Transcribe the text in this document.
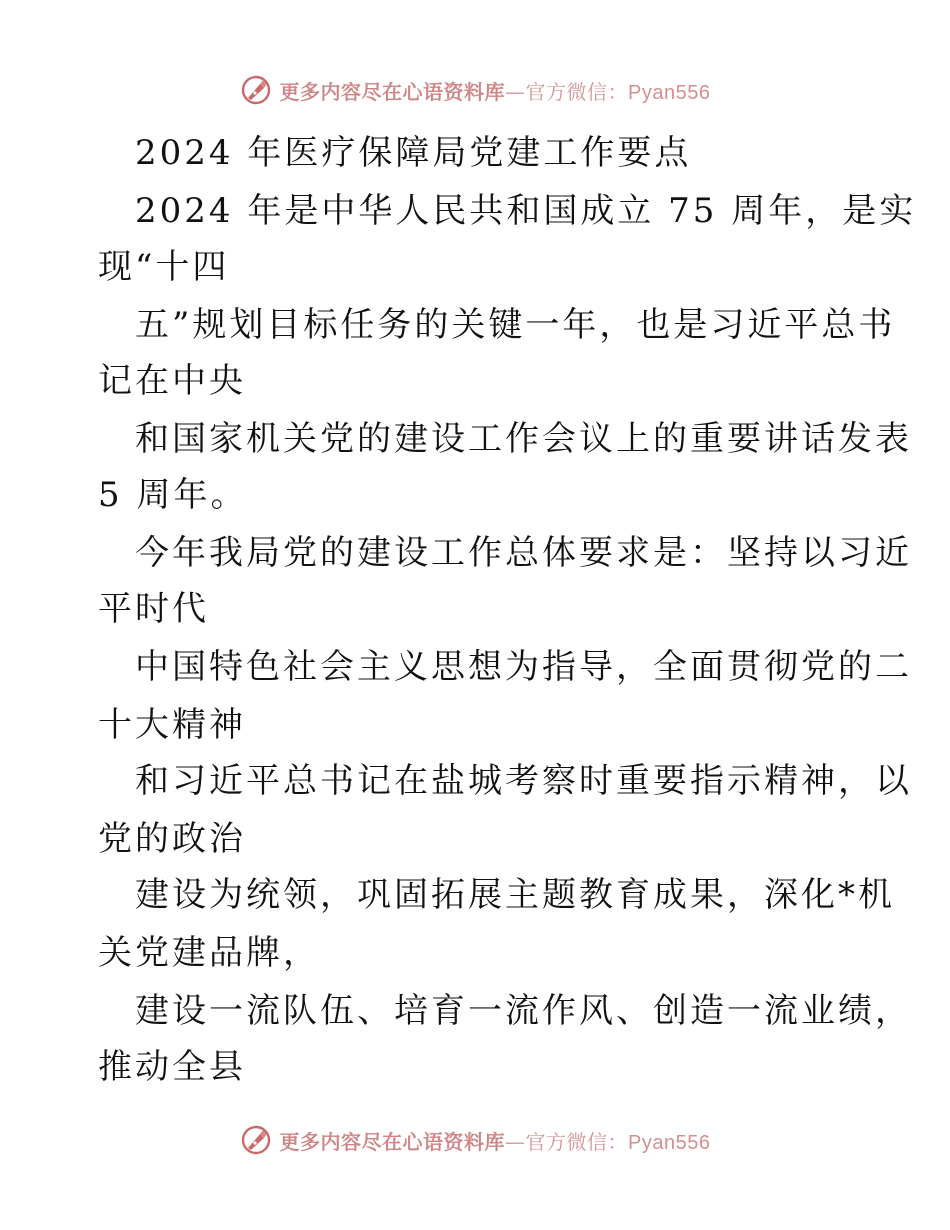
更多内容尽在心语资料库—官方微信：Pyan556
2024 年医疗保障局党建工作要点
2024 年是中华人民共和国成立 75 周年，是实
现“十四
五”规划目标任务的关键一年，也是习近平总书
记在中央
和国家机关党的建设工作会议上的重要讲话发表
5 周年。
今年我局党的建设工作总体要求是：坚持以习近
平时代
中国特色社会主义思想为指导，全面贯彻党的二
十大精神
和习近平总书记在盐城考察时重要指示精神，以
党的政治
建设为统领，巩固拓展主题教育成果，深化*机
关党建品牌，
建设一流队伍、培育一流作风、创造一流业绩，
推动全县
更多内容尽在心语资料库—官方微信：Pyan556
